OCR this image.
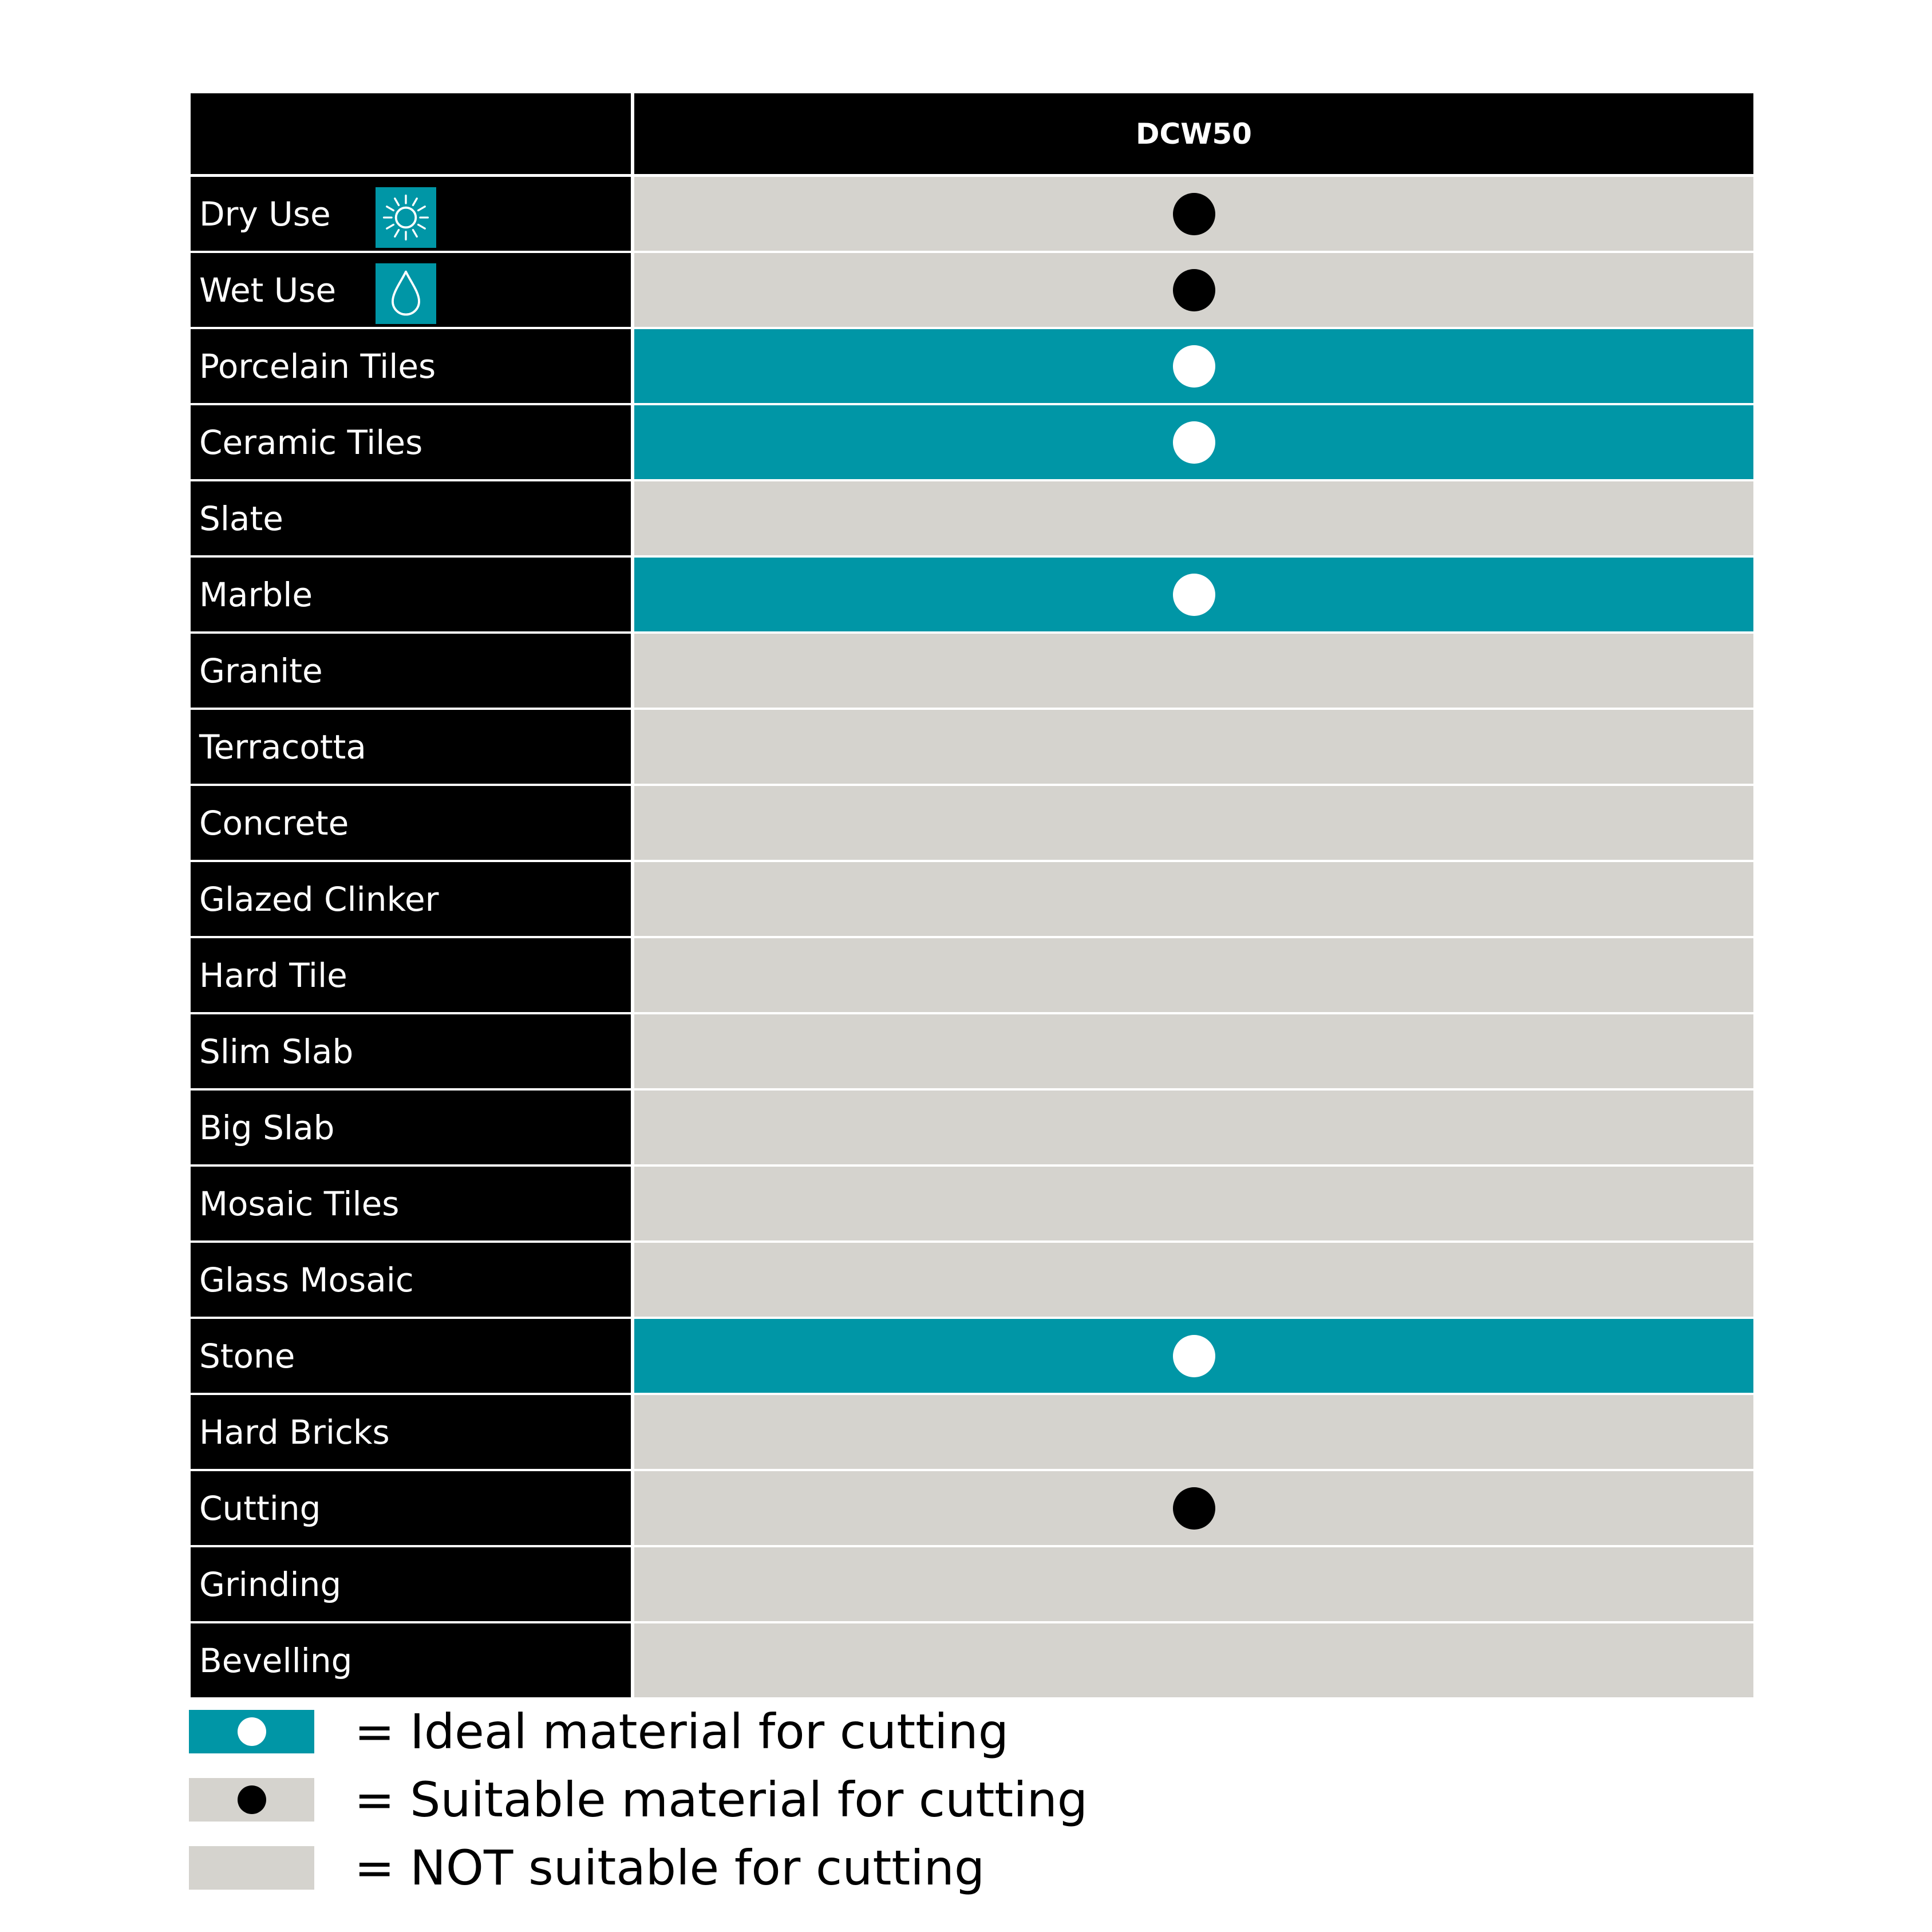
DCW50
Dry Use
Wet Use
Porcelain Tiles
Ceramic Tiles
Slate
Marble
Granite
Terracotta
Concrete
Glazed Clinker
Hard Tile
Slim Slab
Big Slab
Mosaic Tiles
Glass Mosaic
Stone
Hard Bricks
Cutting
Grinding
Bevelling
= Ideal material for cutting
= Suitable material for cutting
= NOT suitable for cutting
